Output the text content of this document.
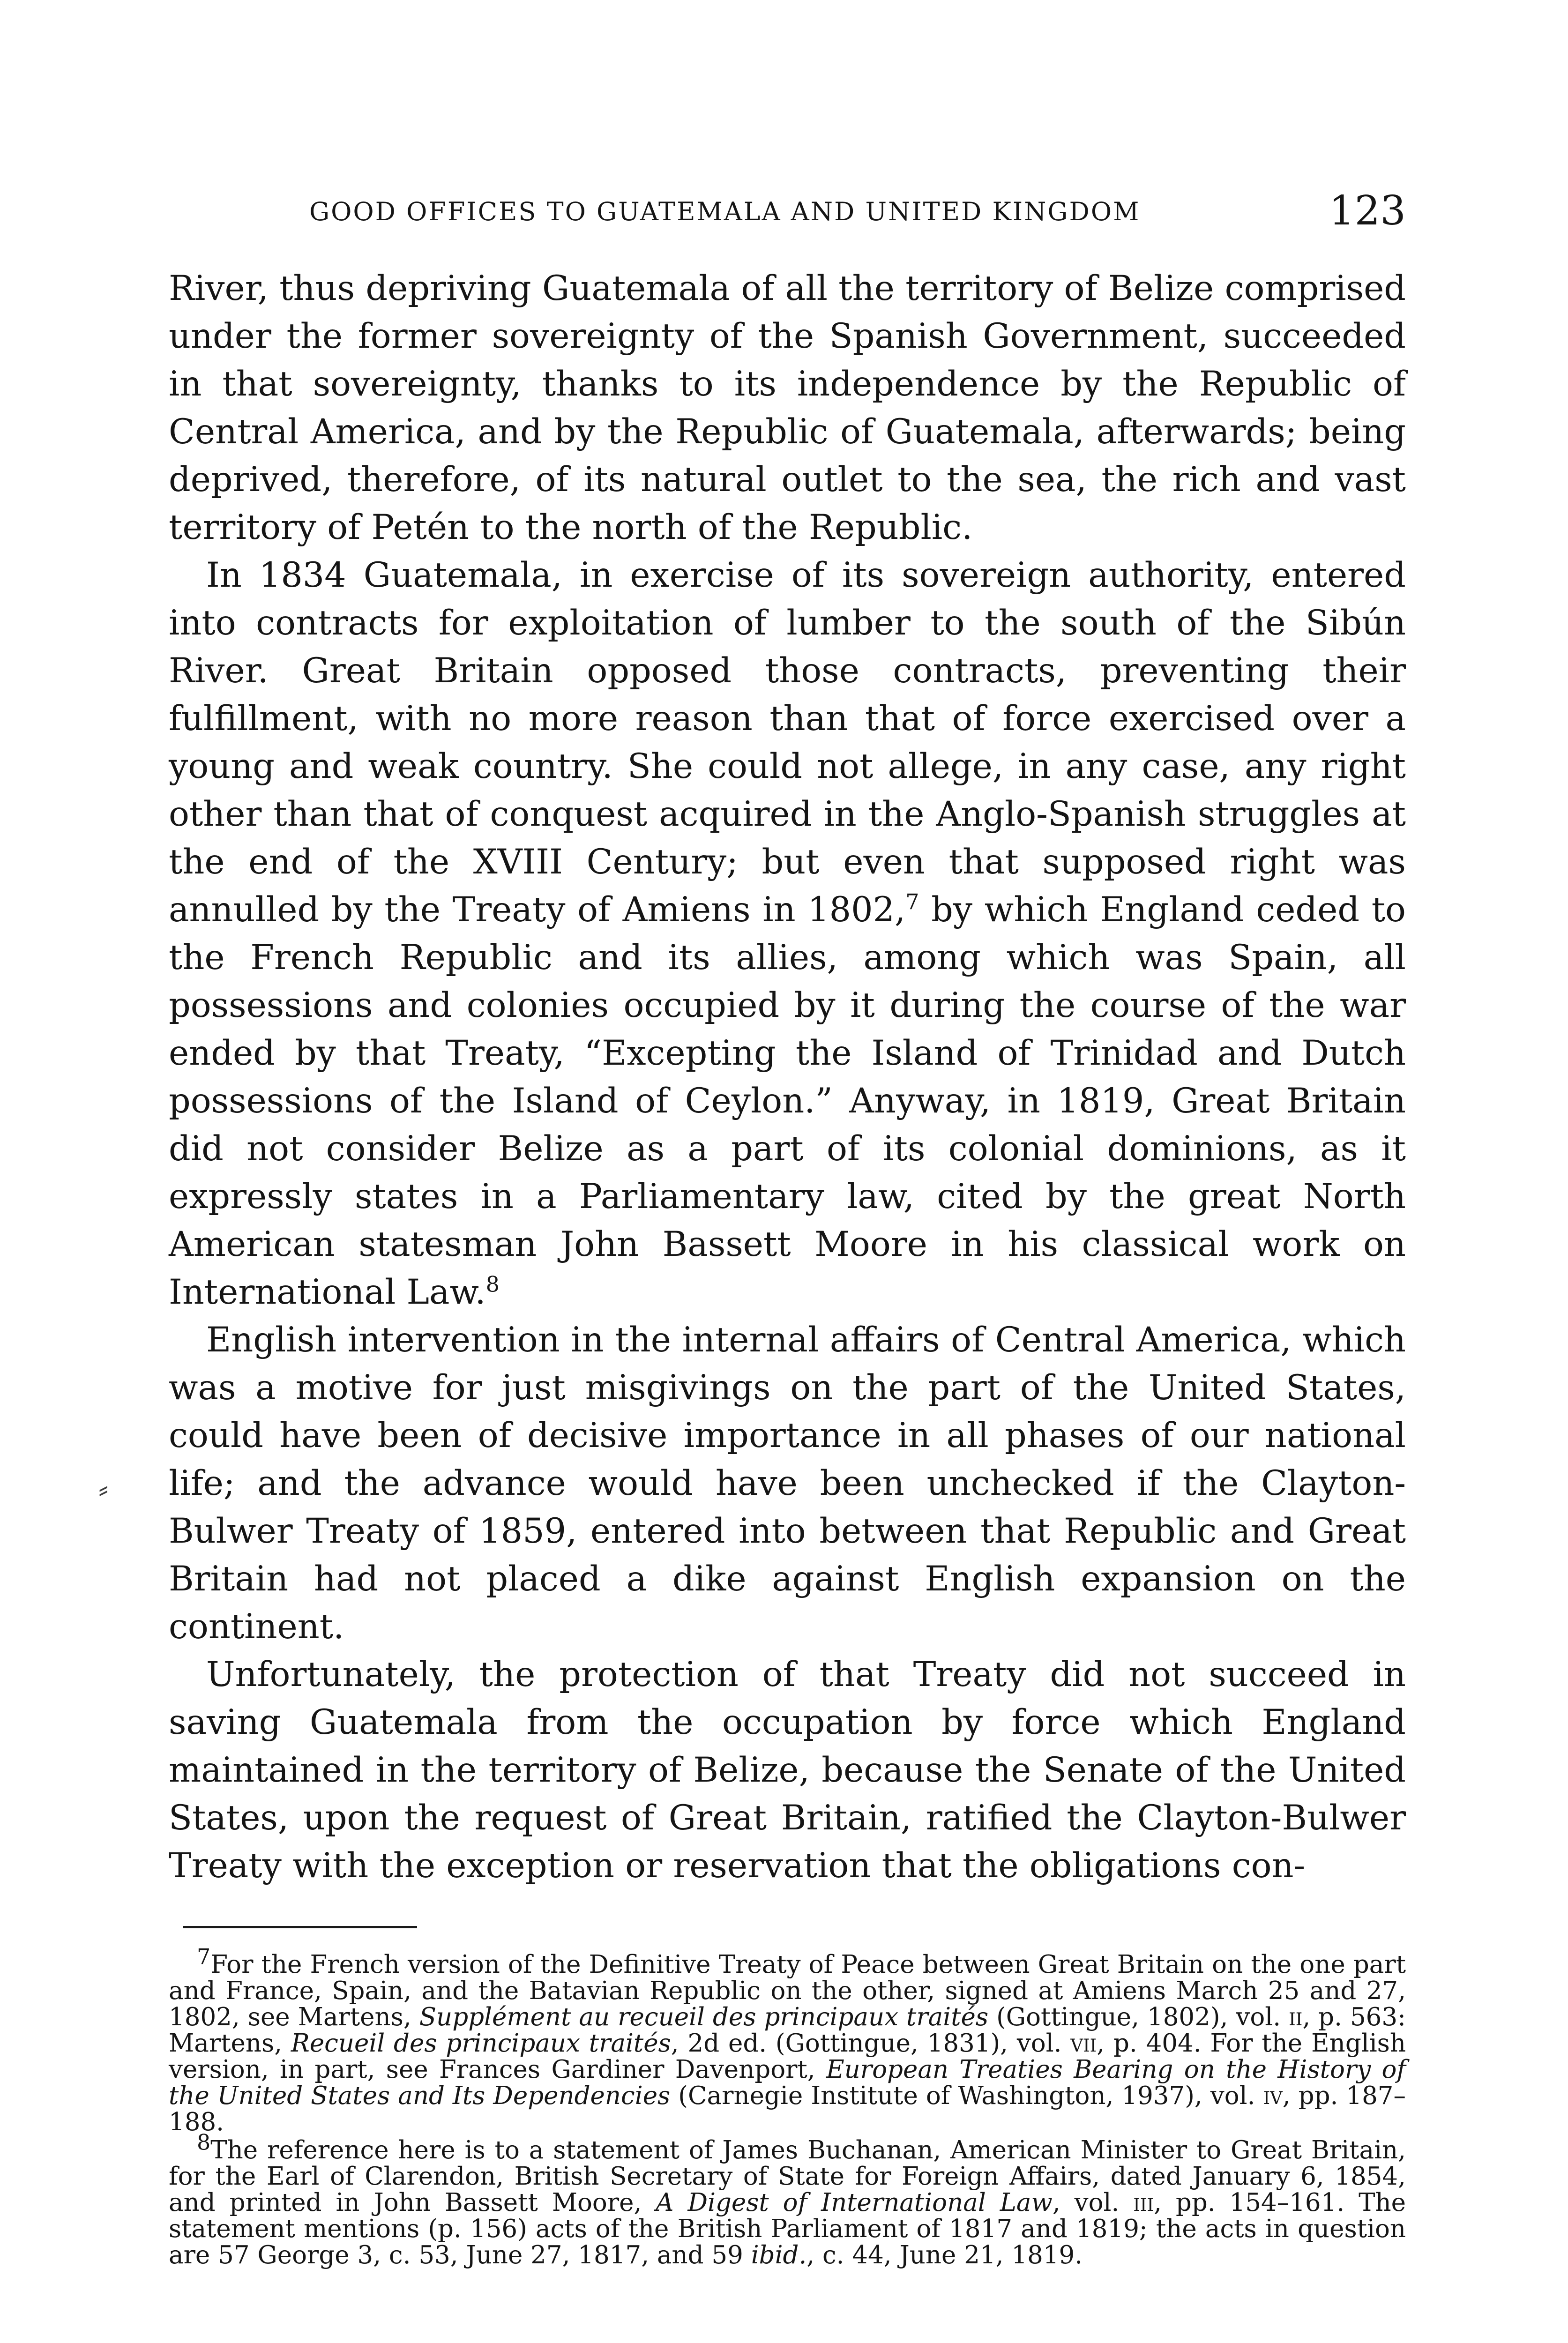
GOOD OFFICES TO GUATEMALA AND UNITED KINGDOM	123

River, thus depriving Guatemala of all the territory of Belize comprised under the former sovereignty of the Spanish Government, succeeded in that sovereignty, thanks to its independence by the Republic of Central America, and by the Republic of Guatemala, afterwards; being deprived, therefore, of its natural outlet to the sea, the rich and vast territory of Petén to the north of the Republic.

In 1834 Guatemala, in exercise of its sovereign authority, entered into contracts for exploitation of lumber to the south of the Sibún River. Great Britain opposed those contracts, preventing their fulfillment, with no more reason than that of force exercised over a young and weak country. She could not allege, in any case, any right other than that of conquest acquired in the Anglo-Spanish struggles at the end of the XVIII Century; but even that supposed right was annulled by the Treaty of Amiens in 1802,$^7$ by which England ceded to the French Republic and its allies, among which was Spain, all possessions and colonies occupied by it during the course of the war ended by that Treaty, “Excepting the Island of Trinidad and Dutch possessions of the Island of Ceylon.” Anyway, in 1819, Great Britain did not consider Belize as a part of its colonial dominions, as it expressly states in a Parliamentary law, cited by the great North American statesman John Bassett Moore in his classical work on International Law.$^8$

English intervention in the internal affairs of Central America, which was a motive for just misgivings on the part of the United States, could have been of decisive importance in all phases of our national life; and the advance would have been unchecked if the Clayton-Bulwer Treaty of 1859, entered into between that Republic and Great Britain had not placed a dike against English expansion on the continent.

Unfortunately, the protection of that Treaty did not succeed in saving Guatemala from the occupation by force which England maintained in the territory of Belize, because the Senate of the United States, upon the request of Great Britain, ratified the Clayton-Bulwer Treaty with the exception or reservation that the obligations con-

⸗

$^7$For the French version of the Definitive Treaty of Peace between Great Britain on the one part and France, Spain, and the Batavian Republic on the other, signed at Amiens March 25 and 27, 1802, see Martens, Supplément au recueil des principaux traités (Gottingue, 1802), vol. ii, p. 563: Martens, Recueil des principaux traités, 2d ed. (Gottingue, 1831), vol. vii, p. 404. For the English version, in part, see Frances Gardiner Davenport, European Treaties Bearing on the History of the United States and Its Dependencies (Carnegie Institute of Washington, 1937), vol. iv, pp. 187–188.

$^8$The reference here is to a statement of James Buchanan, American Minister to Great Britain, for the Earl of Clarendon, British Secretary of State for Foreign Affairs, dated January 6, 1854, and printed in John Bassett Moore, A Digest of International Law, vol. iii, pp. 154–161. The statement mentions (p. 156) acts of the British Parliament of 1817 and 1819; the acts in question are 57 George 3, c. 53, June 27, 1817, and 59 ibid., c. 44, June 21, 1819.
